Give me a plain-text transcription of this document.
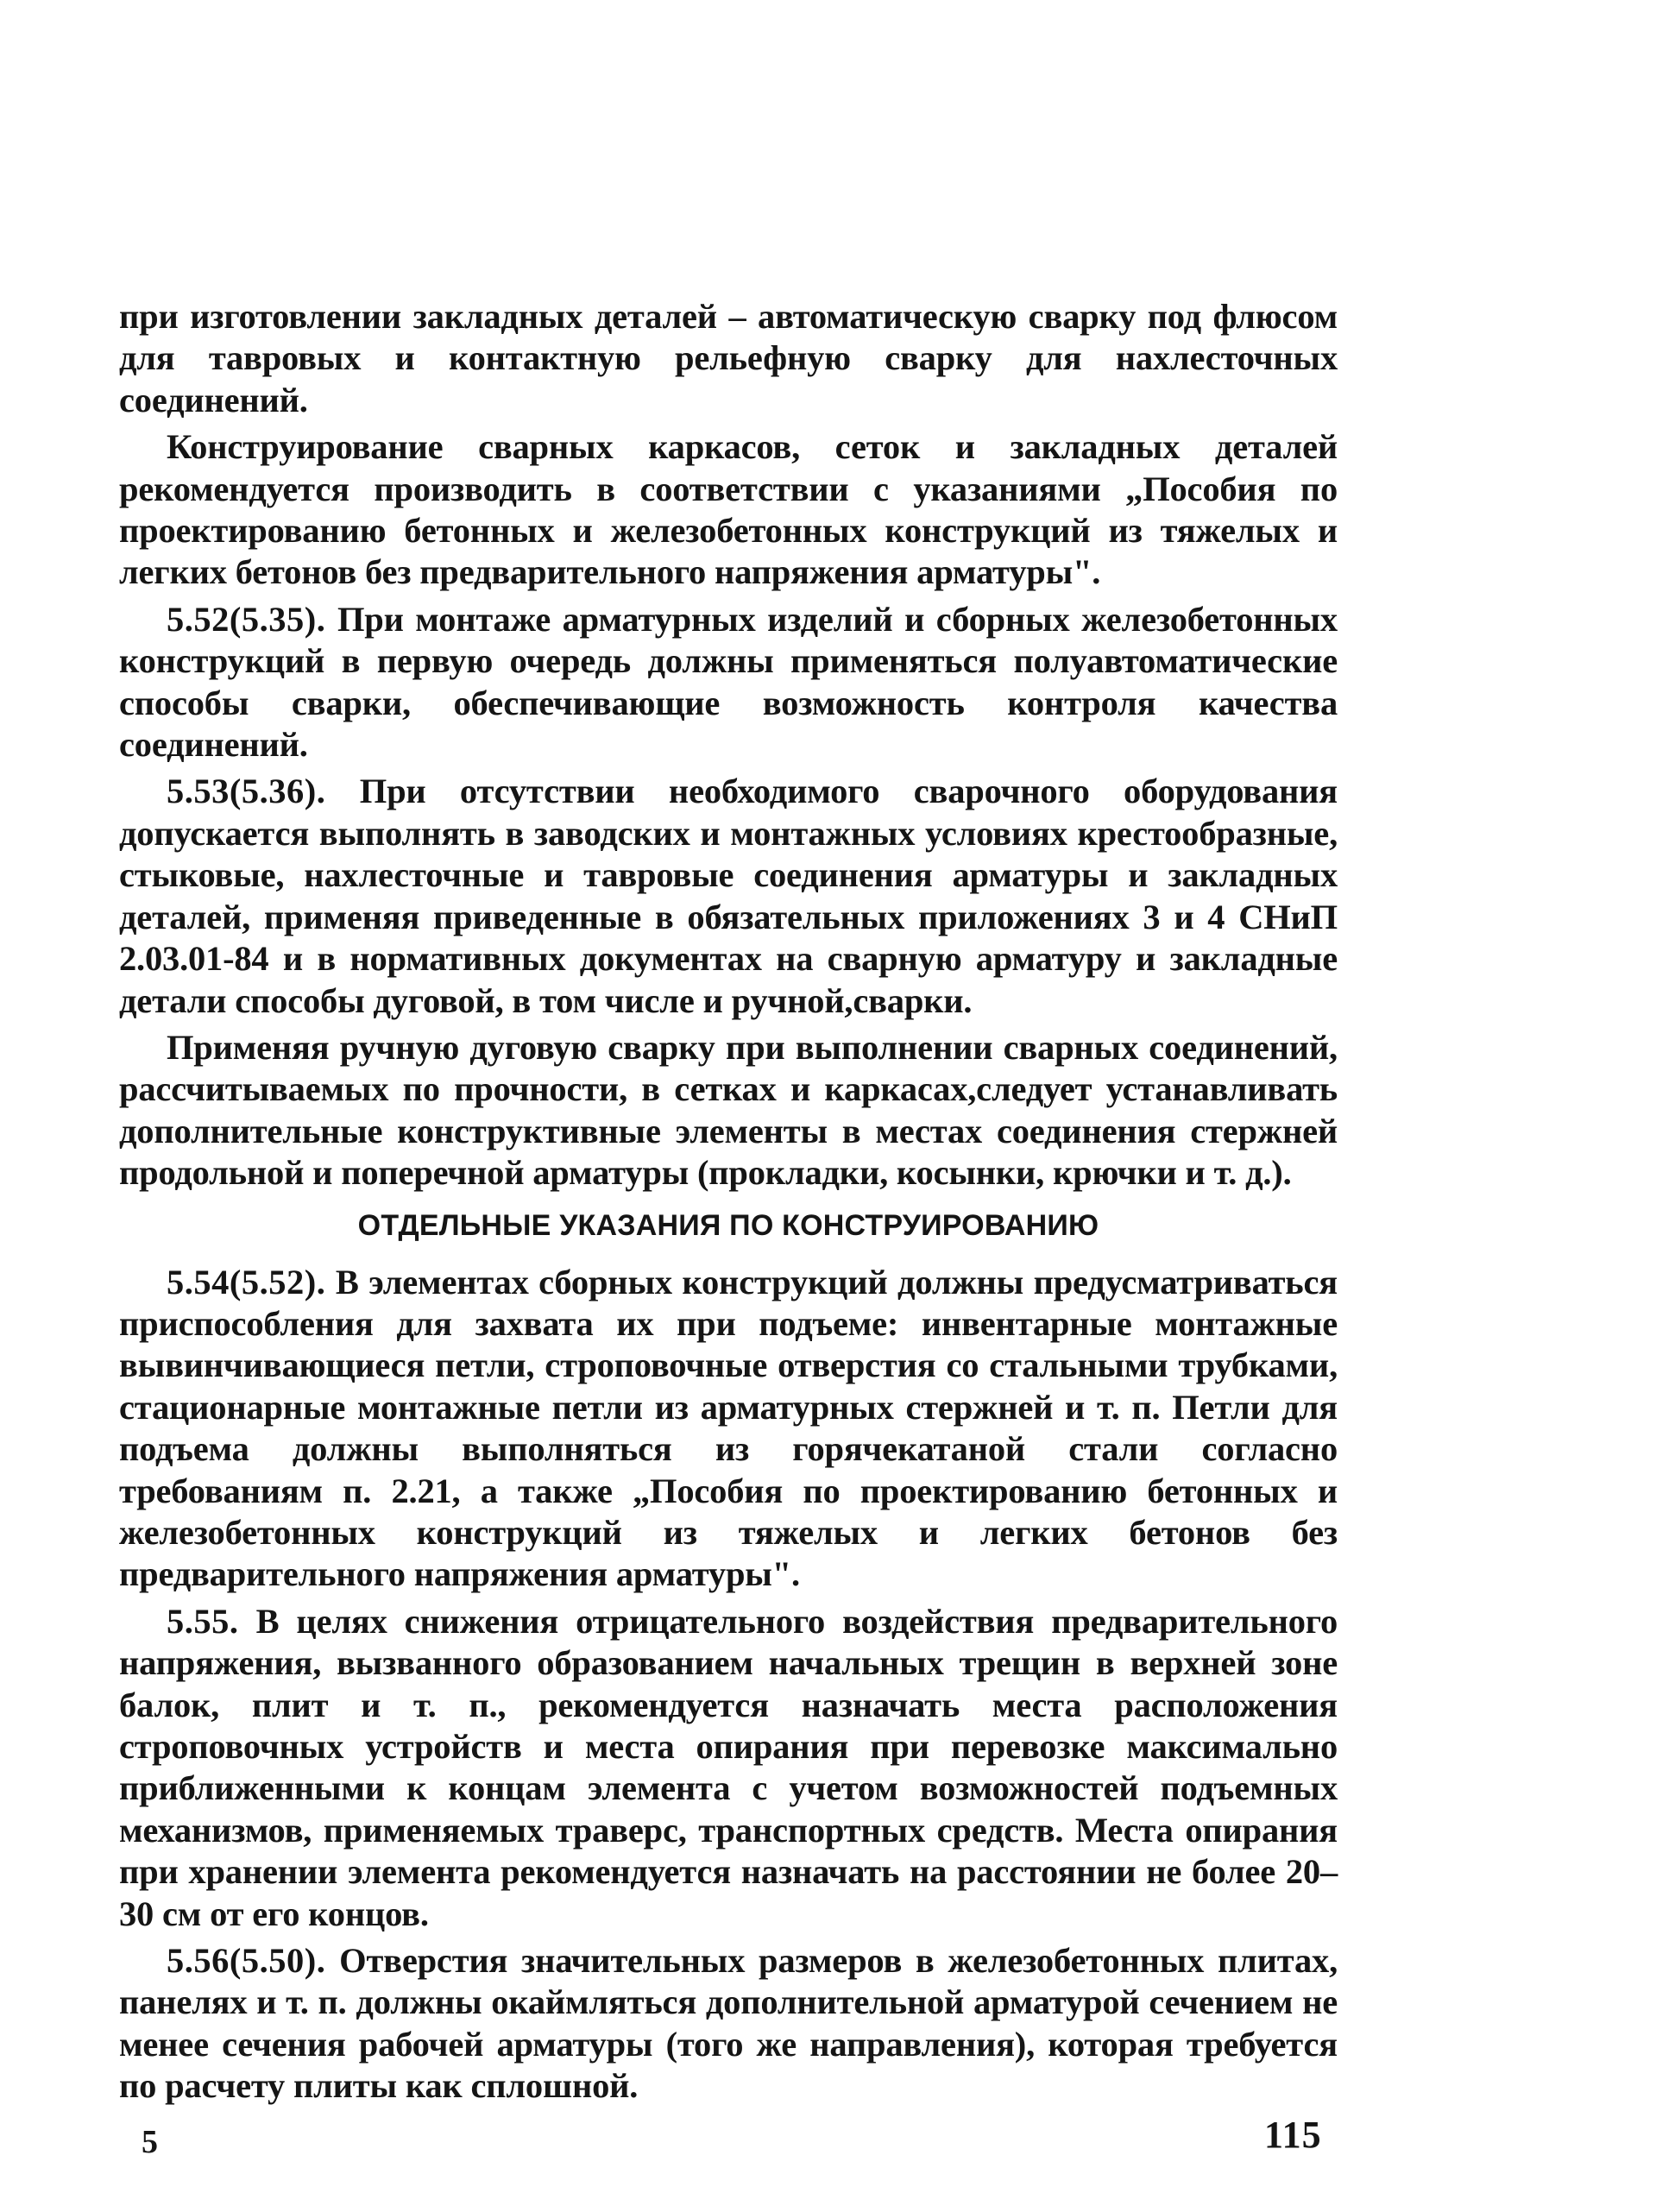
при изготовлении закладных деталей – автоматическую сварку под флюсом для тавровых и контактную рельефную сварку для нахлесточных соединений.

Конструирование сварных каркасов, сеток и закладных деталей рекомендуется производить в соответствии с указаниями „Пособия по проектированию бетонных и железобетонных конструкций из тяжелых и легких бетонов без предварительного напряжения арматуры".

5.52(5.35). При монтаже арматурных изделий и сборных железобетонных конструкций в первую очередь должны применяться полуавтоматические способы сварки, обеспечивающие возможность контроля качества соединений.

5.53(5.36). При отсутствии необходимого сварочного оборудования допускается выполнять в заводских и монтажных условиях крестообразные, стыковые, нахлесточные и тавровые соединения арматуры и закладных деталей, применяя приведенные в обязательных приложениях 3 и 4 СНиП 2.03.01-84 и в нормативных документах на сварную арматуру и закладные детали способы дуговой, в том числе и ручной,сварки.

Применяя ручную дуговую сварку при выполнении сварных соединений, рассчитываемых по прочности, в сетках и каркасах,следует устанавливать дополнительные конструктивные элементы в местах соединения стержней продольной и поперечной арматуры (прокладки, косынки, крючки и т. д.).

ОТДЕЛЬНЫЕ УКАЗАНИЯ ПО КОНСТРУИРОВАНИЮ

5.54(5.52). В элементах сборных конструкций должны предусматриваться приспособления для захвата их при подъеме: инвентарные монтажные вывинчивающиеся петли, строповочные отверстия со стальными трубками, стационарные монтажные петли из арматурных стержней и т. п. Петли для подъема должны выполняться из горячекатаной стали согласно требованиям п. 2.21, а также „Пособия по проектированию бетонных и железобетонных конструкций из тяжелых и легких бетонов без предварительного напряжения арматуры".

5.55. В целях снижения отрицательного воздействия предварительного напряжения, вызванного образованием начальных трещин в верхней зоне балок, плит и т. п., рекомендуется назначать места расположения строповочных устройств и места опирания при перевозке максимально приближенными к концам элемента с учетом возможностей подъемных механизмов, применяемых траверс, транспортных средств. Места опирания при хранении элемента рекомендуется назначать на расстоянии не более 20–30 см от его концов.

5.56(5.50). Отверстия значительных размеров в железобетонных плитах, панелях и т. п. должны окаймляться дополнительной арматурой сечением не менее сечения рабочей арматуры (того же направления), которая требуется по расчету плиты как сплошной.

5	115
